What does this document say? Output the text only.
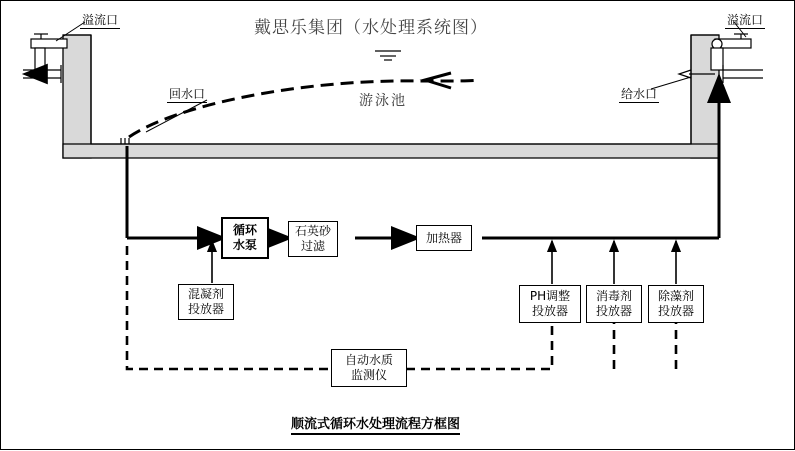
戴思乐集团（水处理系统图）
溢流口	溢流口
回水口	给水口
游泳池
循环
水泵
石英砂
过滤
加热器
混凝剂
投放器
PH调整
投放器
消毒剂
投放器
除藻剂
投放器
自动水质
监测仪
顺流式循环水处理流程方框图
